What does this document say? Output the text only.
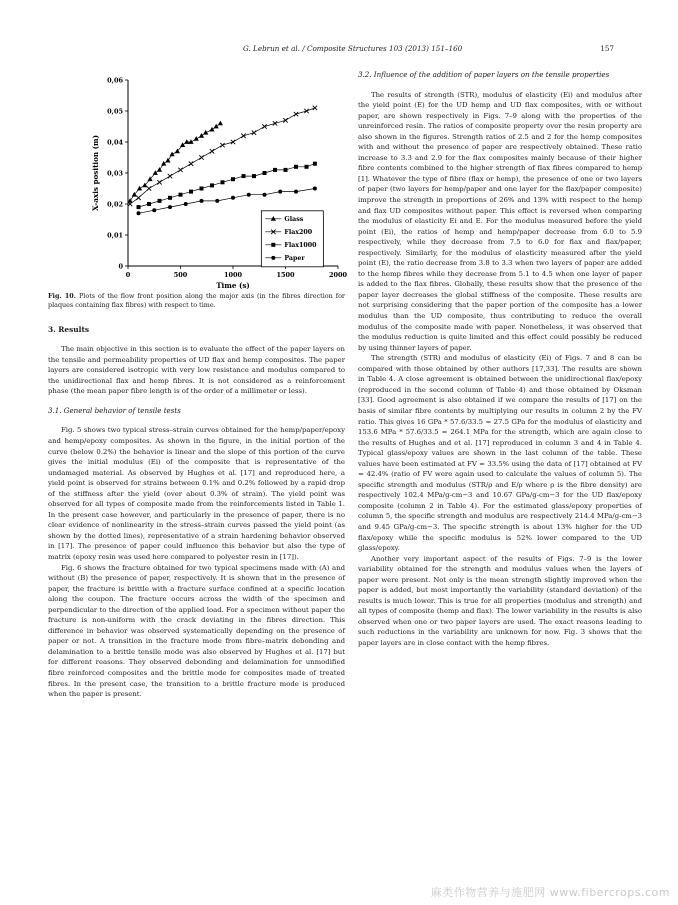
G. Lebrun et al. / Composite Structures 103 (2013) 151–160	157
0
0,01
0,02
0,03
0,04
0,05
0,06
0	500	1000	1500	2000
Time (s)
X-axis position (m)
Glass
Flax200
Flax1000
Paper

Fig. 10. Plots of the flow front position along the major axis (in the fibres direction for plaques containing flax fibres) with respect to time.

3. Results

The main objective in this section is to evaluate the effect of the paper layers on the tensile and permeability properties of UD flax and hemp composites. The paper layers are considered isotropic with very low resistance and modulus compared to the unidirectional flax and hemp fibres. It is not considered as a reinforcement phase (the mean paper fibre length is of the order of a millimeter or less).

3.1. General behavior of tensile tests

Fig. 5 shows two typical stress–strain curves obtained for the hemp/paper/epoxy and hemp/epoxy composites. As shown in the figure, in the initial portion of the curve (below 0.2%) the behavior is linear and the slope of this portion of the curve gives the initial modulus (Ei) of the composite that is representative of the undamaged material. As observed by Hughes et al. [17] and reproduced here, a yield point is observed for strains between 0.1% and 0.2% followed by a rapid drop of the stiffness after the yield (over about 0.3% of strain). The yield point was observed for all types of composite made from the reinforcements listed in Table 1. In the present case however, and particularly in the presence of paper, there is no clear evidence of nonlinearity in the stress–strain curves passed the yield point (as shown by the dotted lines), representative of a strain hardening behavior observed in [17]. The presence of paper could influence this behavior but also the type of matrix (epoxy resin was used here compared to polyester resin in [17]).

Fig. 6 shows the fracture obtained for two typical specimens made with (A) and without (B) the presence of paper, respectively. It is shown that in the presence of paper, the fracture is brittle with a fracture surface confined at a specific location along the coupon. The fracture occurs across the width of the specimen and perpendicular to the direction of the applied load. For a specimen without paper the fracture is non-uniform with the crack deviating in the fibres direction. This difference in behavior was observed systematically depending on the presence of paper or not. A transition in the fracture mode from fibre–matrix debonding and delamination to a brittle tensile mode was also observed by Hughes et al. [17] but for different reasons. They observed debonding and delamination for unmodified fibre reinforced composites and the brittle mode for composites made of treated fibres. In the present case, the transition to a brittle fracture mode is produced when the paper is present.

3.2. Influence of the addition of paper layers on the tensile properties

The results of strength (STR), modulus of elasticity (Ei) and modulus after the yield point (E) for the UD hemp and UD flax composites, with or without paper, are shown respectively in Figs. 7–9 along with the properties of the unreinforced resin. The ratios of composite property over the resin property are also shown in the figures. Strength ratios of 2.5 and 2 for the hemp composites with and without the presence of paper are respectively obtained. These ratio increase to 3.3 and 2.9 for the flax composites mainly because of their higher fibre contents combined to the higher strength of flax fibres compared to hemp [1]. Whatever the type of fibre (flax or hemp), the presence of one or two layers of paper (two layers for hemp/paper and one layer for the flax/paper composite) improve the strength in proportions of 26% and 13% with respect to the hemp and flax UD composites without paper. This effect is reversed when comparing the modulus of elasticity Ei and E. For the modulus measured before the yield point (Ei), the ratios of hemp and hemp/paper decrease from 6.0 to 5.9 respectively, while they decrease from 7.5 to 6.0 for flax and flax/paper, respectively. Similarly, for the modulus of elasticity measured after the yield point (E), the ratio decrease from 3.8 to 3.3 when two layers of paper are added to the hemp fibres while they decrease from 5.1 to 4.5 when one layer of paper is added to the flax fibres. Globally, these results show that the presence of the paper layer decreases the global stiffness of the composite. These results are not surprising considering that the paper portion of the composite has a lower modulus than the UD composite, thus contributing to reduce the overall modulus of the composite made with paper. Nonetheless, it was observed that the modulus reduction is quite limited and this effect could possibly be reduced by using thinner layers of paper.

The strength (STR) and modulus of elasticity (Ei) of Figs. 7 and 8 can be compared with those obtained by other authors [17,33]. The results are shown in Table 4. A close agreement is obtained between the unidirectional flax/epoxy (reproduced in the second column of Table 4) and those obtained by Oksman [33]. Good agreement is also obtained if we compare the results of [17] on the basis of similar fibre contents by multiplying our results in column 2 by the FV ratio. This gives 16 GPa * 57.6/33.5 = 27.5 GPa for the modulus of elasticity and 153.6 MPa * 57.6/33.5 = 264.1 MPa for the strength, which are again close to the results of Hughes and et al. [17] reproduced in column 3 and 4 in Table 4. Typical glass/epoxy values are shown in the last column of the table. These values have been estimated at FV = 33.5% using the data of [17] obtained at FV = 42.4% (ratio of FV were again used to calculate the values of column 5). The specific strength and modulus (STR/ρ and E/ρ where ρ is the fibre density) are respectively 102.4 MPa/g-cm−3 and 10.67 GPa/g-cm−3 for the UD flax/epoxy composite (column 2 in Table 4). For the estimated glass/epoxy properties of column 5, the specific strength and modulus are respectively 214.4 MPa/g-cm−3 and 9.45 GPa/g-cm−3. The specific strength is about 13% higher for the UD flax/epoxy while the specific modulus is 52% lower compared to the UD glass/epoxy.

Another very important aspect of the results of Figs. 7–9 is the lower variability obtained for the strength and modulus values when the layers of paper were present. Not only is the mean strength slightly improved when the paper is added, but most importantly the variability (standard deviation) of the results is much lower. This is true for all properties (modulus and strength) and all types of composite (hemp and flax). The lower variability in the results is also observed when one or two paper layers are used. The exact reasons leading to such reductions in the variability are unknown for now. Fig. 3 shows that the paper layers are in close contact with the hemp fibres.

麻类作物营养与施肥网 www.fibercrops.com
